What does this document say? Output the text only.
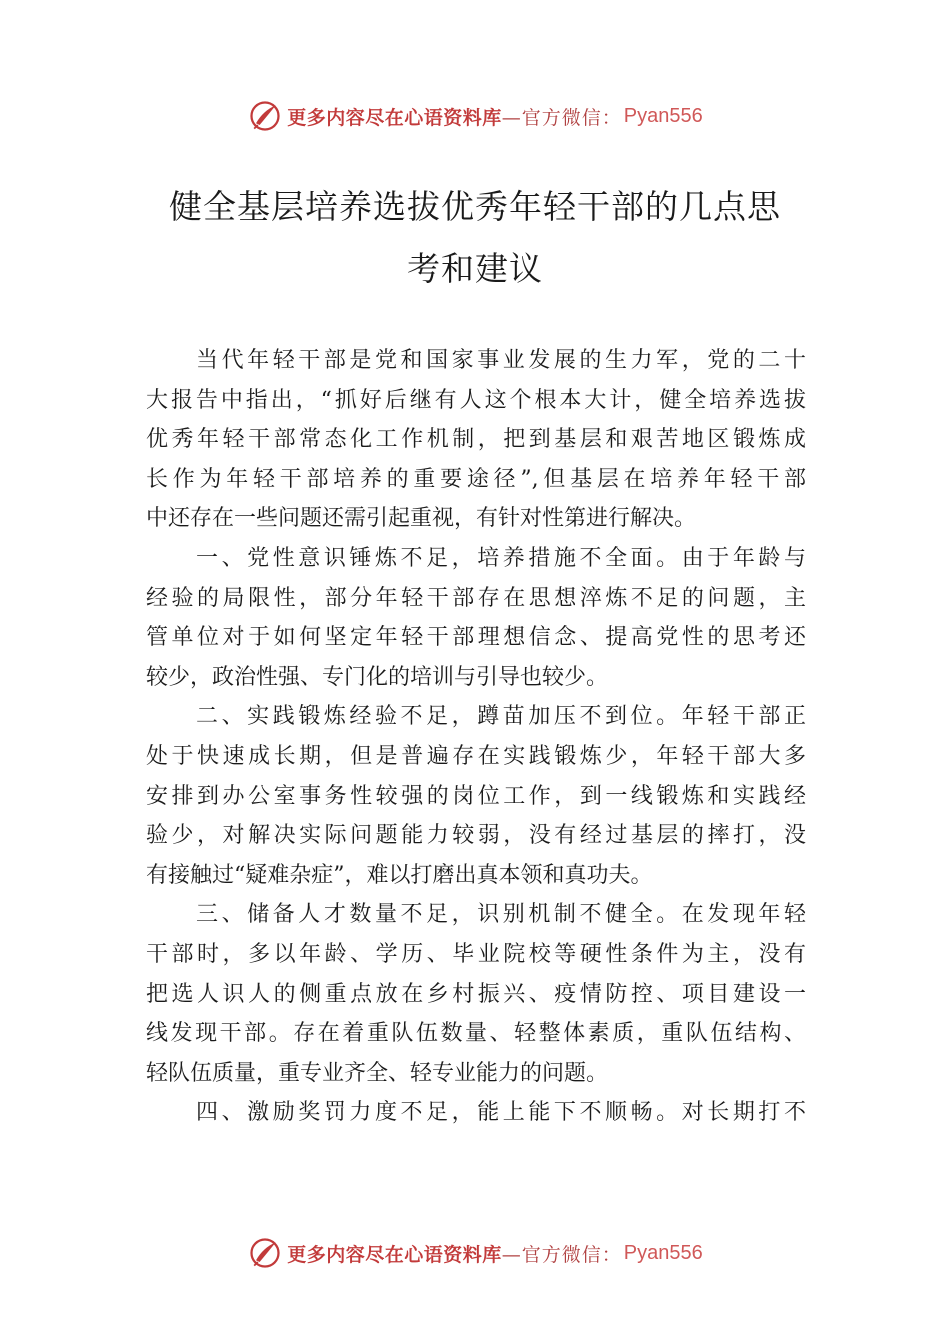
更多内容尽在心语资料库 —官方微信： Pyan556
健全基层培养选拔优秀年轻干部的几点思
考和建议
当代年轻干部是党和国家事业发展的生力军，党的二十
大报告中指出，“抓好后继有人这个根本大计，健全培养选拔
优秀年轻干部常态化工作机制，把到基层和艰苦地区锻炼成
长作为年轻干部培养的重要途径”,但基层在培养年轻干部
中还存在一些问题还需引起重视，有针对性第进行解决。
一、党性意识锤炼不足，培养措施不全面。由于年龄与
经验的局限性，部分年轻干部存在思想淬炼不足的问题，主
管单位对于如何坚定年轻干部理想信念、提高党性的思考还
较少，政治性强、专门化的培训与引导也较少。
二、实践锻炼经验不足，蹲苗加压不到位。年轻干部正
处于快速成长期，但是普遍存在实践锻炼少，年轻干部大多
安排到办公室事务性较强的岗位工作，到一线锻炼和实践经
验少，对解决实际问题能力较弱，没有经过基层的摔打，没
有接触过“疑难杂症”，难以打磨出真本领和真功夫。
三、储备人才数量不足，识别机制不健全。在发现年轻
干部时，多以年龄、学历、毕业院校等硬性条件为主，没有
把选人识人的侧重点放在乡村振兴、疫情防控、项目建设一
线发现干部。存在着重队伍数量、轻整体素质，重队伍结构、
轻队伍质量，重专业齐全、轻专业能力的问题。
四、激励奖罚力度不足，能上能下不顺畅。对长期打不
更多内容尽在心语资料库 —官方微信： Pyan556
